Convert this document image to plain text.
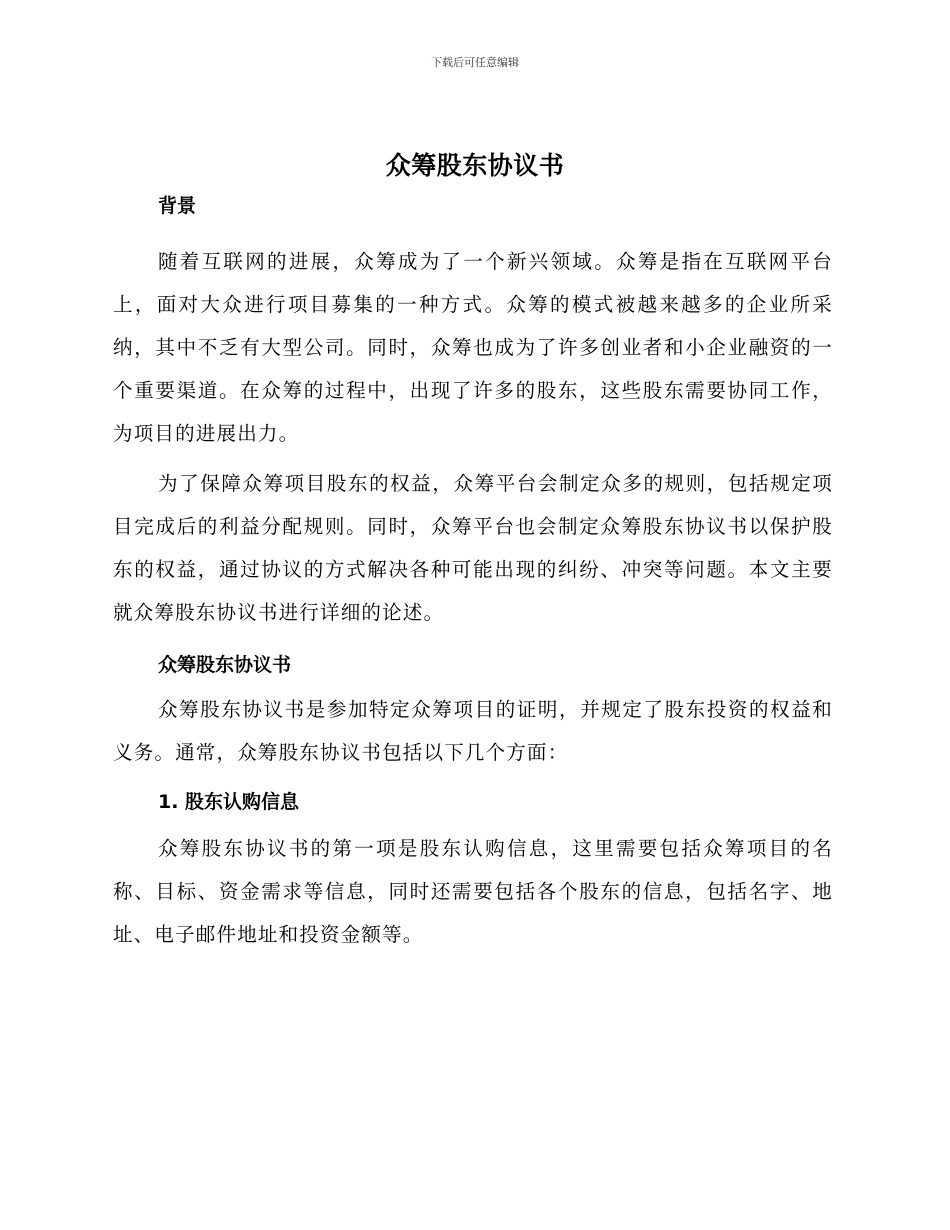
下载后可任意编辑
众筹股东协议书
背景

随着互联网的进展，众筹成为了一个新兴领域。众筹是指在互联网平台上，面对大众进行项目募集的一种方式。众筹的模式被越来越多的企业所采纳，其中不乏有大型公司。同时，众筹也成为了许多创业者和小企业融资的一个重要渠道。在众筹的过程中，出现了许多的股东，这些股东需要协同工作，为项目的进展出力。

为了保障众筹项目股东的权益，众筹平台会制定众多的规则，包括规定项目完成后的利益分配规则。同时，众筹平台也会制定众筹股东协议书以保护股东的权益，通过协议的方式解决各种可能出现的纠纷、冲突等问题。本文主要就众筹股东协议书进行详细的论述。

众筹股东协议书

众筹股东协议书是参加特定众筹项目的证明，并规定了股东投资的权益和义务。通常，众筹股东协议书包括以下几个方面：

1. 股东认购信息

众筹股东协议书的第一项是股东认购信息，这里需要包括众筹项目的名称、目标、资金需求等信息，同时还需要包括各个股东的信息，包括名字、地址、电子邮件地址和投资金额等。
